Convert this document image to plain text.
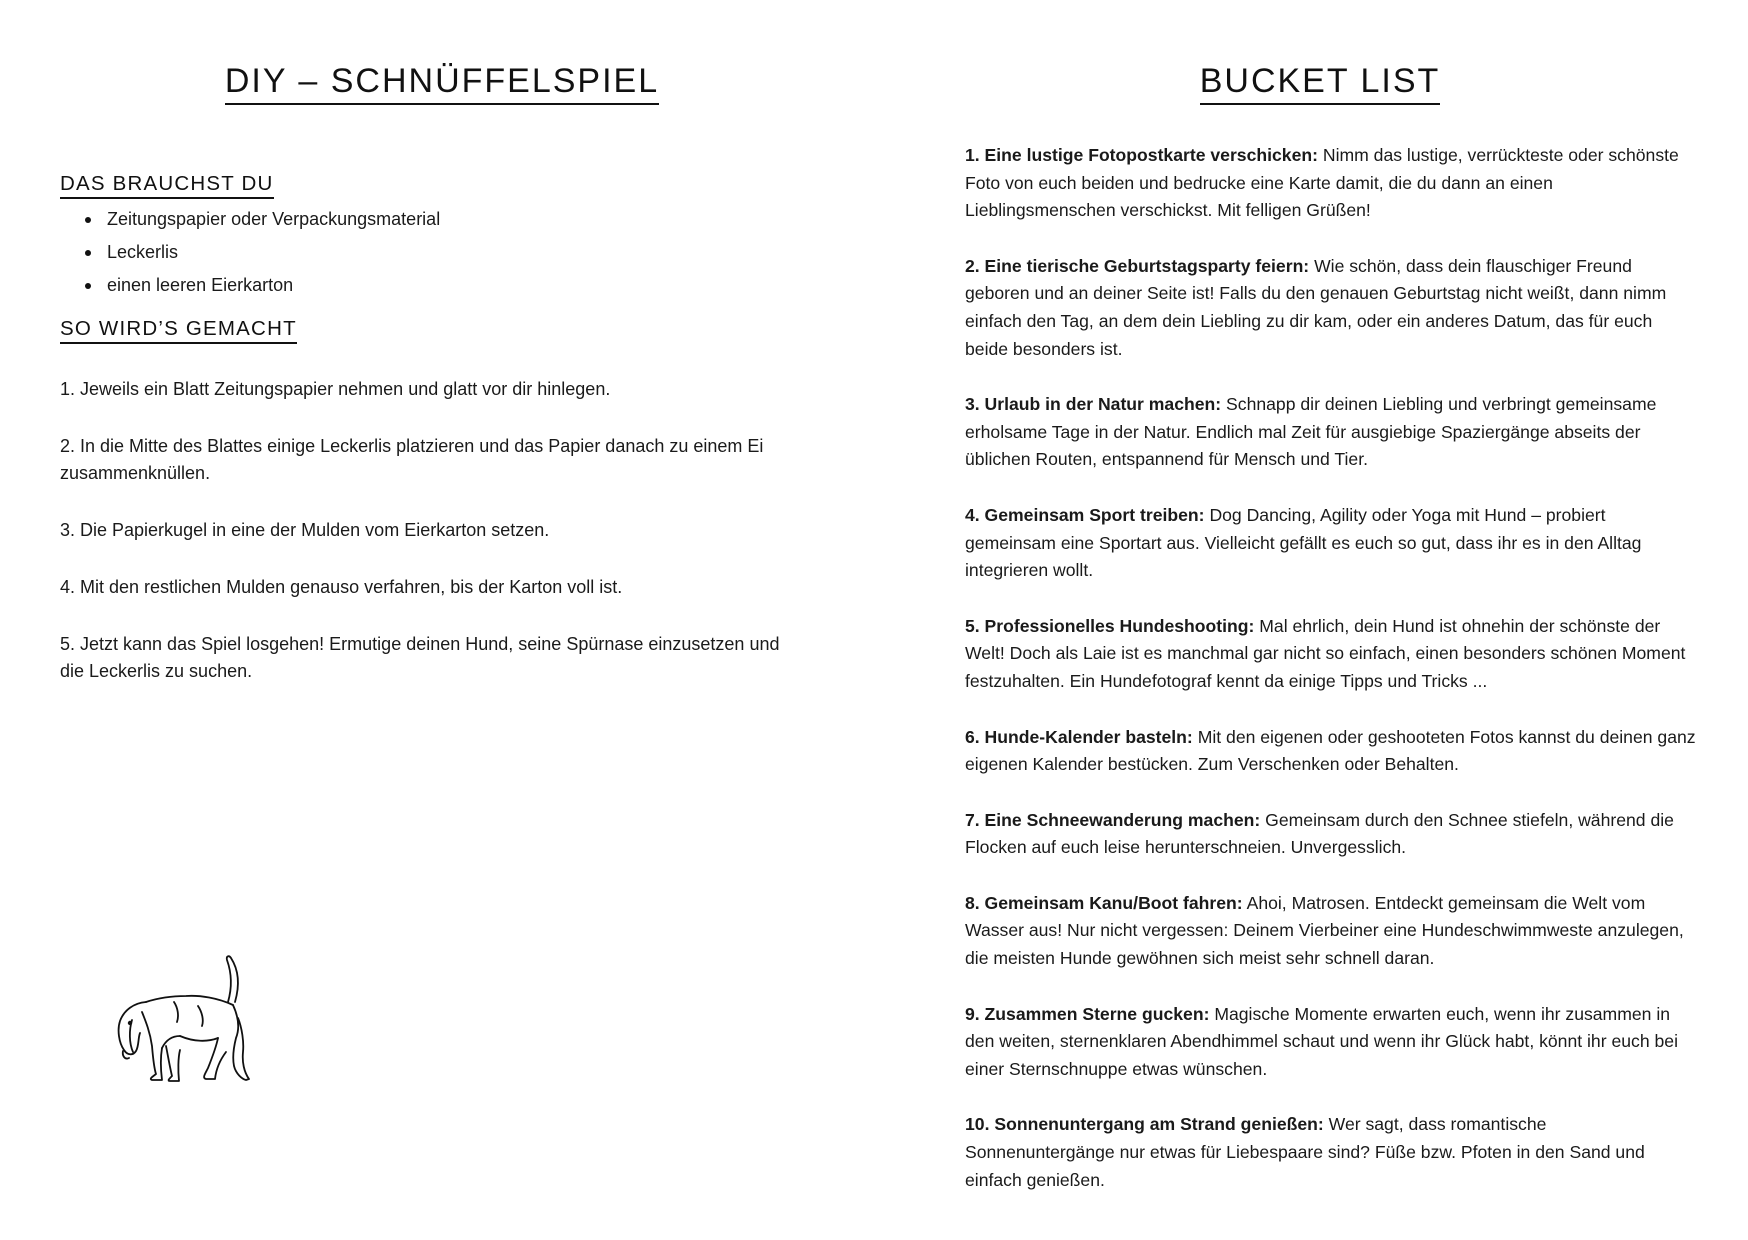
DIY – SCHNÜFFELSPIEL
DAS BRAUCHST DU
Zeitungspapier oder Verpackungsmaterial
Leckerlis
einen leeren Eierkarton
SO WIRD’S GEMACHT
1. Jeweils ein Blatt Zeitungspapier nehmen und glatt vor dir hinlegen.
2. In die Mitte des Blattes einige Leckerlis platzieren und das Papier danach zu einem Ei zusammenknüllen.
3. Die Papierkugel in eine der Mulden vom Eierkarton setzen.
4. Mit den restlichen Mulden genauso verfahren, bis der Karton voll ist.
5. Jetzt kann das Spiel losgehen! Ermutige deinen Hund, seine Spürnase einzusetzen und die Leckerlis zu suchen.
BUCKET LIST
1. Eine lustige Fotopostkarte verschicken: Nimm das lustige, verrückteste oder schönste Foto von euch beiden und bedrucke eine Karte damit, die du dann an einen Lieblingsmenschen verschickst. Mit felligen Grüßen!
2. Eine tierische Geburtstagsparty feiern: Wie schön, dass dein flauschiger Freund geboren und an deiner Seite ist! Falls du den genauen Geburtstag nicht weißt, dann nimm einfach den Tag, an dem dein Liebling zu dir kam, oder ein anderes Datum, das für euch beide besonders ist.
3. Urlaub in der Natur machen: Schnapp dir deinen Liebling und verbringt gemeinsame erholsame Tage in der Natur. Endlich mal Zeit für ausgiebige Spaziergänge abseits der üblichen Routen, entspannend für Mensch und Tier.
4. Gemeinsam Sport treiben: Dog Dancing, Agility oder Yoga mit Hund – probiert gemeinsam eine Sportart aus. Vielleicht gefällt es euch so gut, dass ihr es in den Alltag integrieren wollt.
5. Professionelles Hundeshooting: Mal ehrlich, dein Hund ist ohnehin der schönste der Welt! Doch als Laie ist es manchmal gar nicht so einfach, einen besonders schönen Moment festzuhalten. Ein Hundefotograf kennt da einige Tipps und Tricks ...
6. Hunde-Kalender basteln: Mit den eigenen oder geshooteten Fotos kannst du deinen ganz eigenen Kalender bestücken. Zum Verschenken oder Behalten.
7. Eine Schneewanderung machen: Gemeinsam durch den Schnee stiefeln, während die Flocken auf euch leise herunterschneien. Unvergesslich.
8. Gemeinsam Kanu/Boot fahren: Ahoi, Matrosen. Entdeckt gemeinsam die Welt vom Wasser aus! Nur nicht vergessen: Deinem Vierbeiner eine Hundeschwimmweste anzulegen, die meisten Hunde gewöhnen sich meist sehr schnell daran.
9. Zusammen Sterne gucken: Magische Momente erwarten euch, wenn ihr zusammen in den weiten, sternenklaren Abendhimmel schaut und wenn ihr Glück habt, könnt ihr euch bei einer Sternschnuppe etwas wünschen.
10. Sonnenuntergang am Strand genießen: Wer sagt, dass romantische Sonnenuntergänge nur etwas für Liebespaare sind? Füße bzw. Pfoten in den Sand und einfach genießen.
